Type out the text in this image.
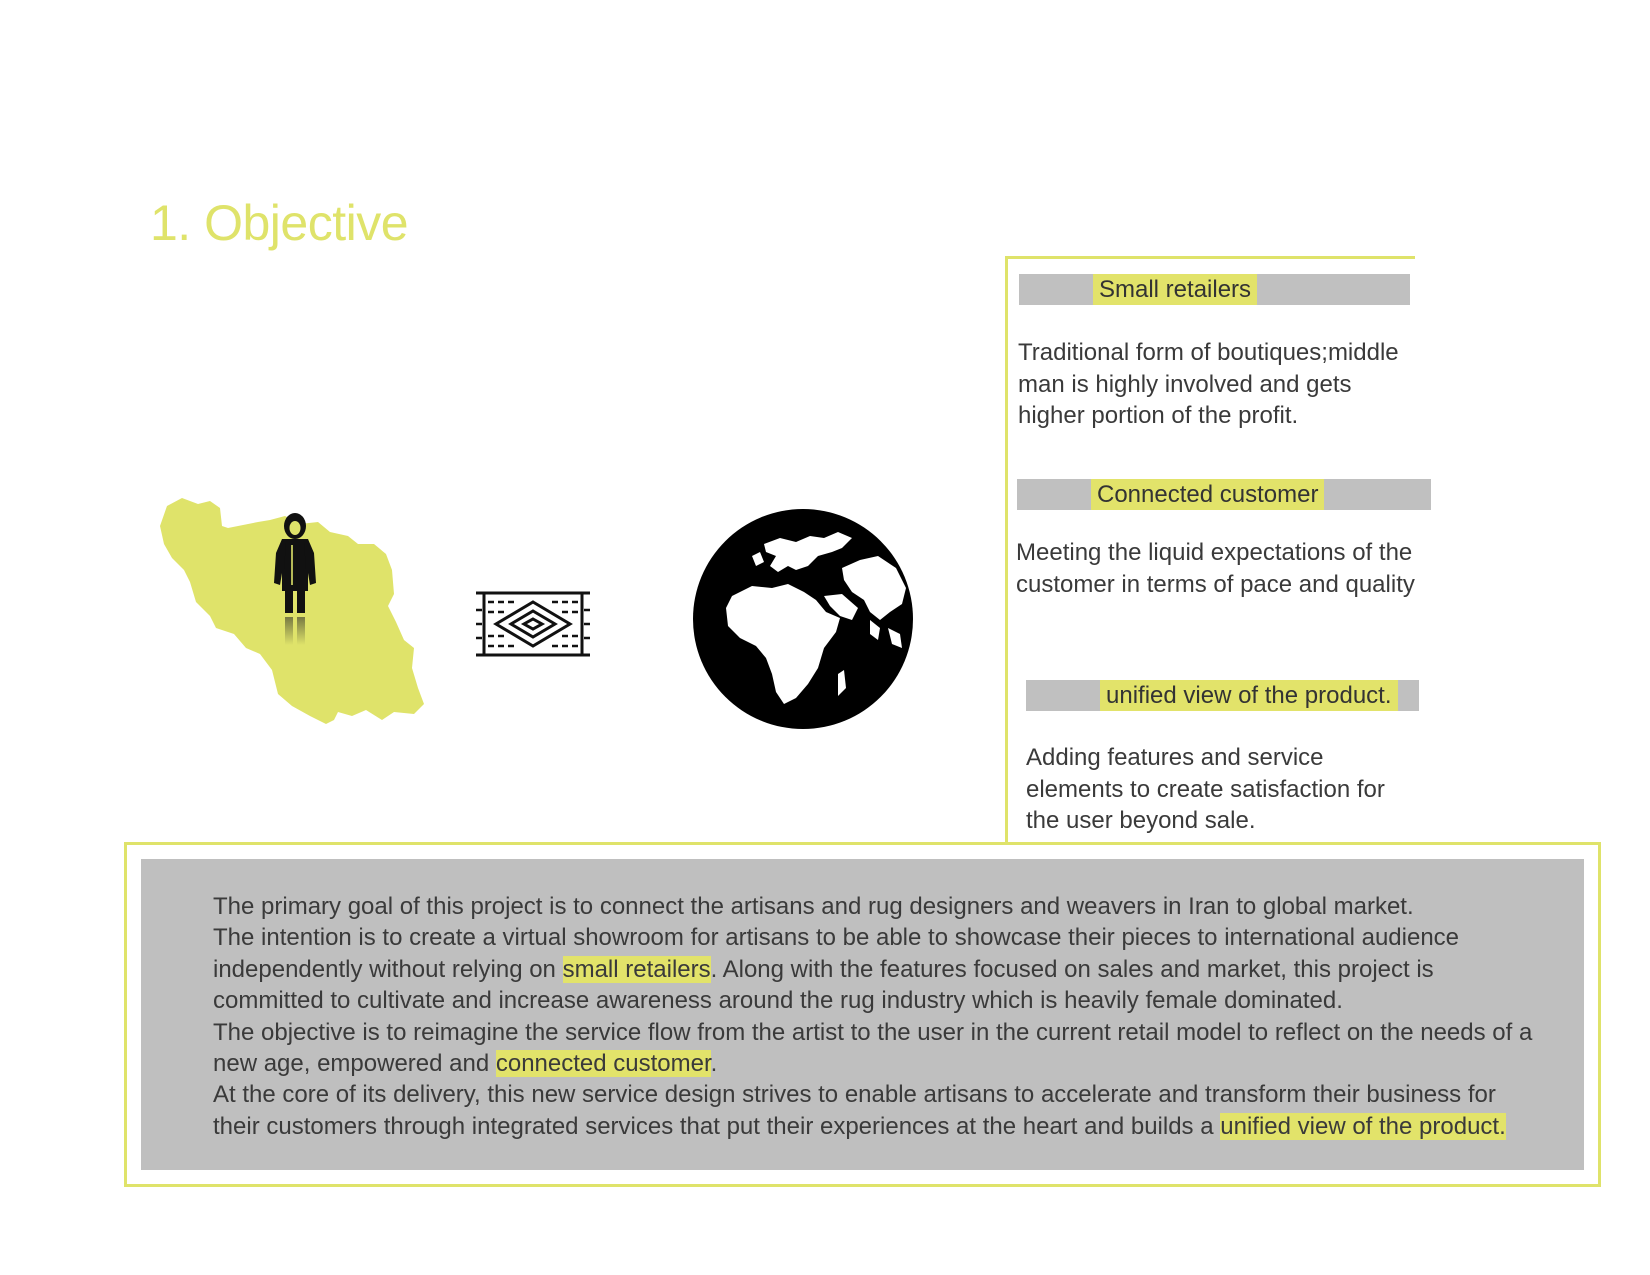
1. Objective
Small retailers

Traditional form of boutiques;middle man is highly involved and gets higher portion of the profit.

Connected customer

Meeting the liquid expectations of the customer in terms of pace and quality

unified view of the product.

Adding features and service elements to create satisfaction for the user beyond sale.

The primary goal of this project is to connect the artisans and rug designers and weavers in Iran to global market.
The intention is to create a virtual showroom for artisans to be able to showcase their pieces to international audience
independently without relying on small retailers. Along with the features focused on sales and market, this project is
committed to cultivate and increase awareness around the rug industry which is heavily female dominated.
The objective is to reimagine the service flow from the artist to the user in the current retail model to reflect on the needs of a
new age, empowered and connected customer.
At the core of its delivery, this new service design strives to enable artisans to accelerate and transform their business for
their customers through integrated services that put their experiences at the heart and builds a unified view of the product.
